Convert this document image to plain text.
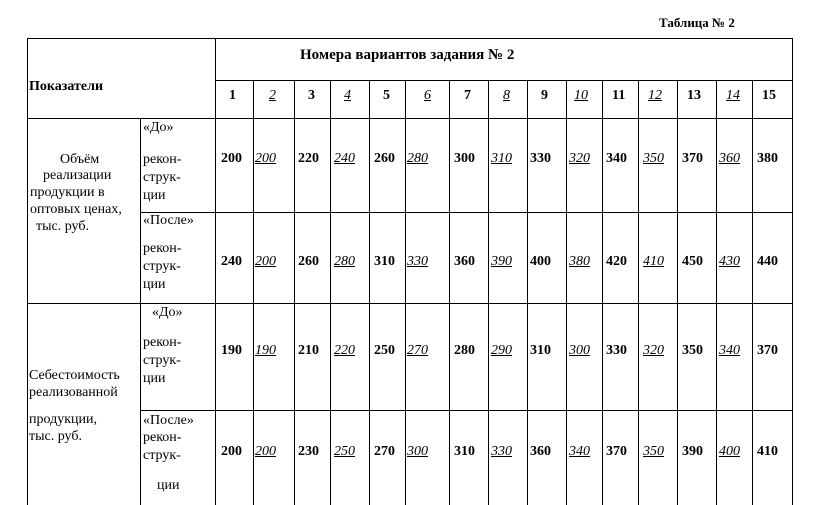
Таблица № 2
Показатели
Номера вариантов задания № 2
1 2 3 4 5 6 7 8 9 10 11 12 13 14 15
Объём
реализации
продукции в
оптовых ценах,
тыс. руб.
«До»
рекон-
струк-
ции
«После»
рекон-
струк-
ции
Себестоимость
реализованной
продукции,
тыс. руб.
«До»
рекон-
струк-
ции
«После»
рекон-
струк-
ции
200 200 220 240 260 280 300 310 330 320 340 350 370 360 380
240 200 260 280 310 330 360 390 400 380 420 410 450 430 440
190 190 210 220 250 270 280 290 310 300 330 320 350 340 370
200 200 230 250 270 300 310 330 360 340 370 350 390 400 410
